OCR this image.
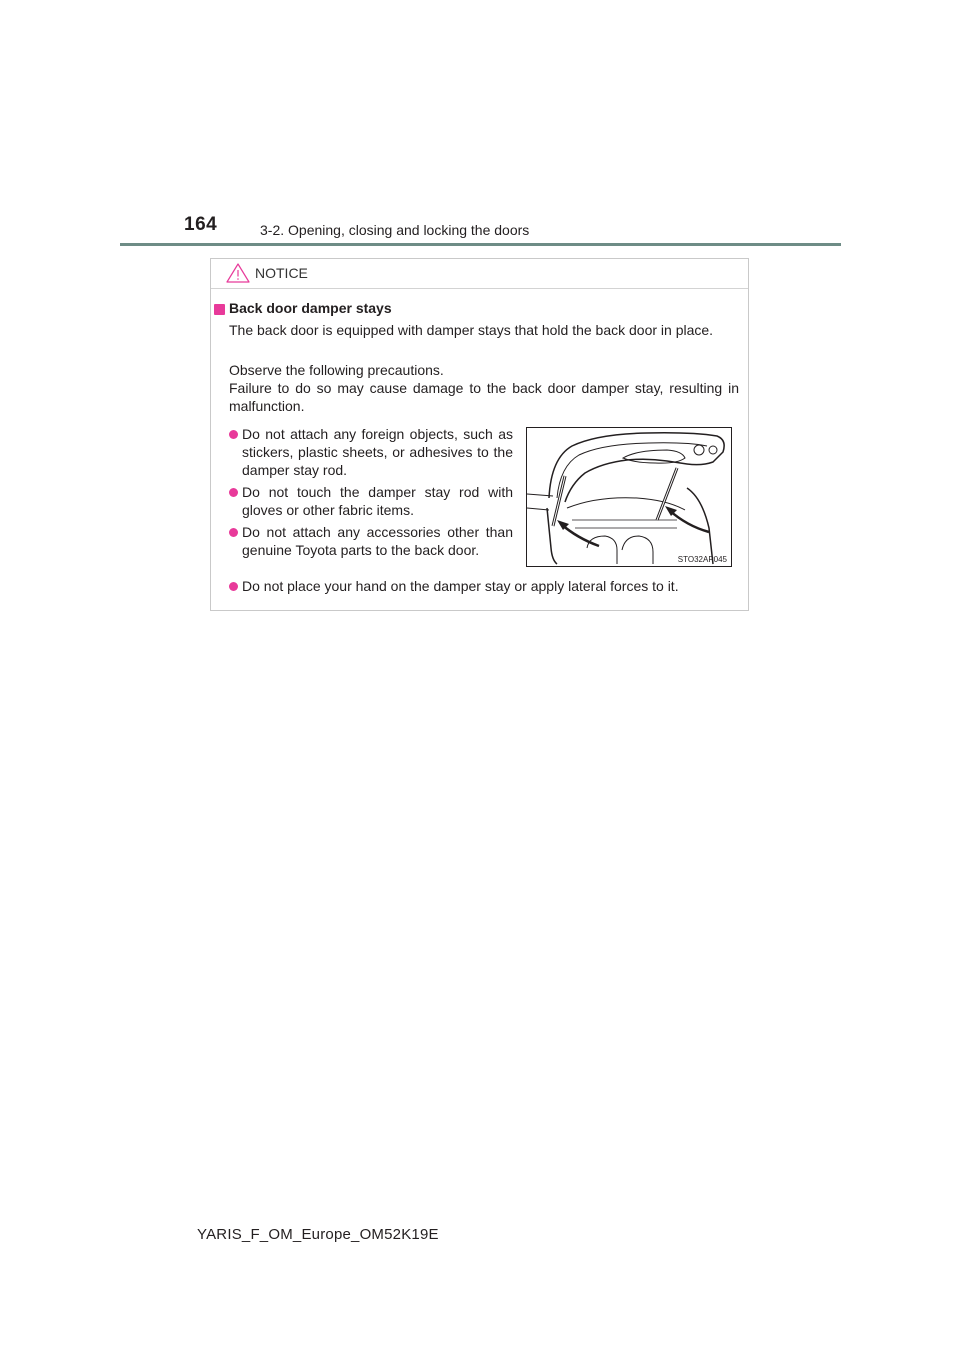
164	3-2. Opening, closing and locking the doors
NOTICE
Back door damper stays
The back door is equipped with damper stays that hold the back door in place.
Observe the following precautions.
Failure to do so may cause damage to the back door damper stay, resulting in malfunction.
Do not attach any foreign objects, such as stickers, plastic sheets, or adhesives to the damper stay rod.
Do not touch the damper stay rod with gloves or other fabric items.
Do not attach any accessories other than genuine Toyota parts to the back door.
Do not place your hand on the damper stay or apply lateral forces to it.
STO32AP045
YARIS_F_OM_Europe_OM52K19E
